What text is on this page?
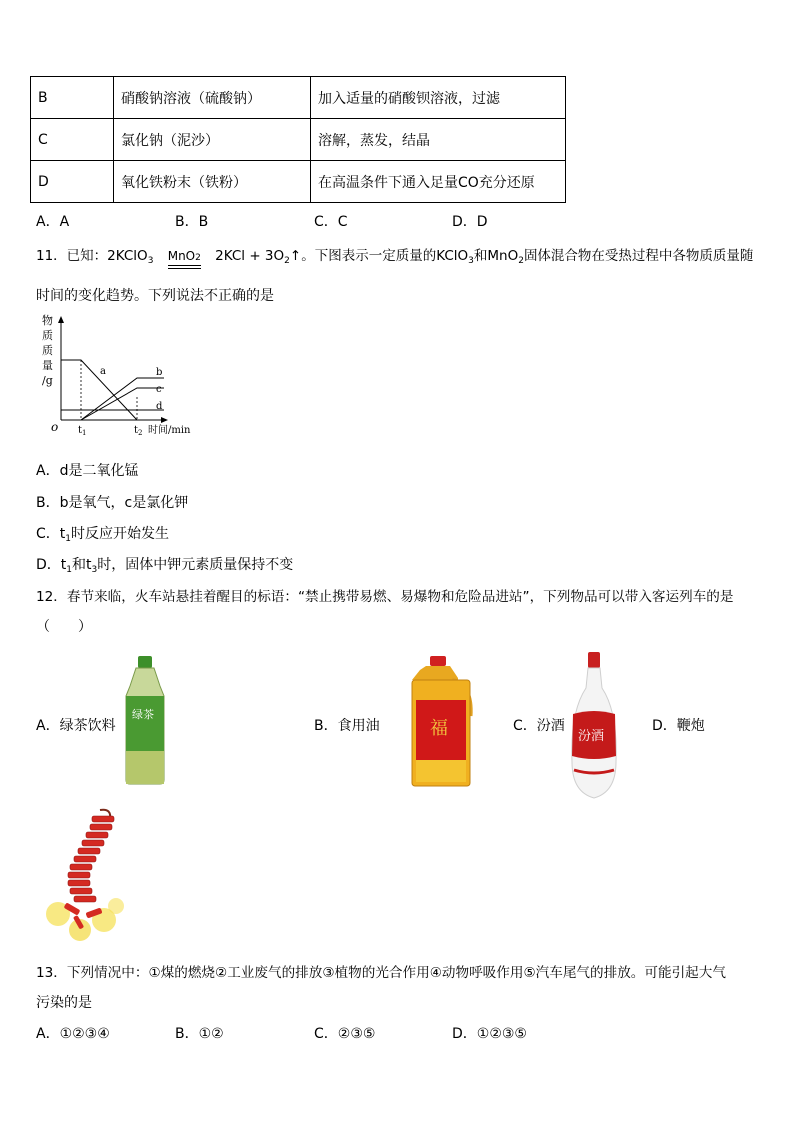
B	硝酸钠溶液（硫酸钠）	加入适量的硝酸钡溶液，过滤
C	氯化钠（泥沙）	溶解，蒸发，结晶
D	氧化铁粉末（铁粉）	在高温条件下通入足量CO充分还原
A．A	B．B	C．C	D．D
11．已知：2KClO$_3$ MnO2 $2KCl + 3O_2↑$。下图表示一定质量的KClO$_3$和MnO$_2$固体混合物在受热过程中各物质质量随
时间的变化趋势。下列说法不正确的是
物
质
质
量
/g
o
a	b
c
d
$t_1$	$t_2$ 时间/min
A．d是二氧化锰
B．b是氧气，c是氯化钾
C．$t_1$时反应开始发生
D．$t_1$和$t_3$时，固体中钾元素质量保持不变
12．春节来临，火车站悬挂着醒目的标语：“禁止携带易燃、易爆物和危险品进站”，下列物品可以带入客运列车的是
（　　）
A．绿茶饮料
绿茶
B．食用油	福	C．汾酒
汾酒
D．鞭炮
13．下列情况中：①煤的燃烧②工业废气的排放③植物的光合作用④动物呼吸作用⑤汽车尾气的排放。可能引起大气
污染的是
A．①②③④	B．①②	C．②③⑤	D．①②③⑤
